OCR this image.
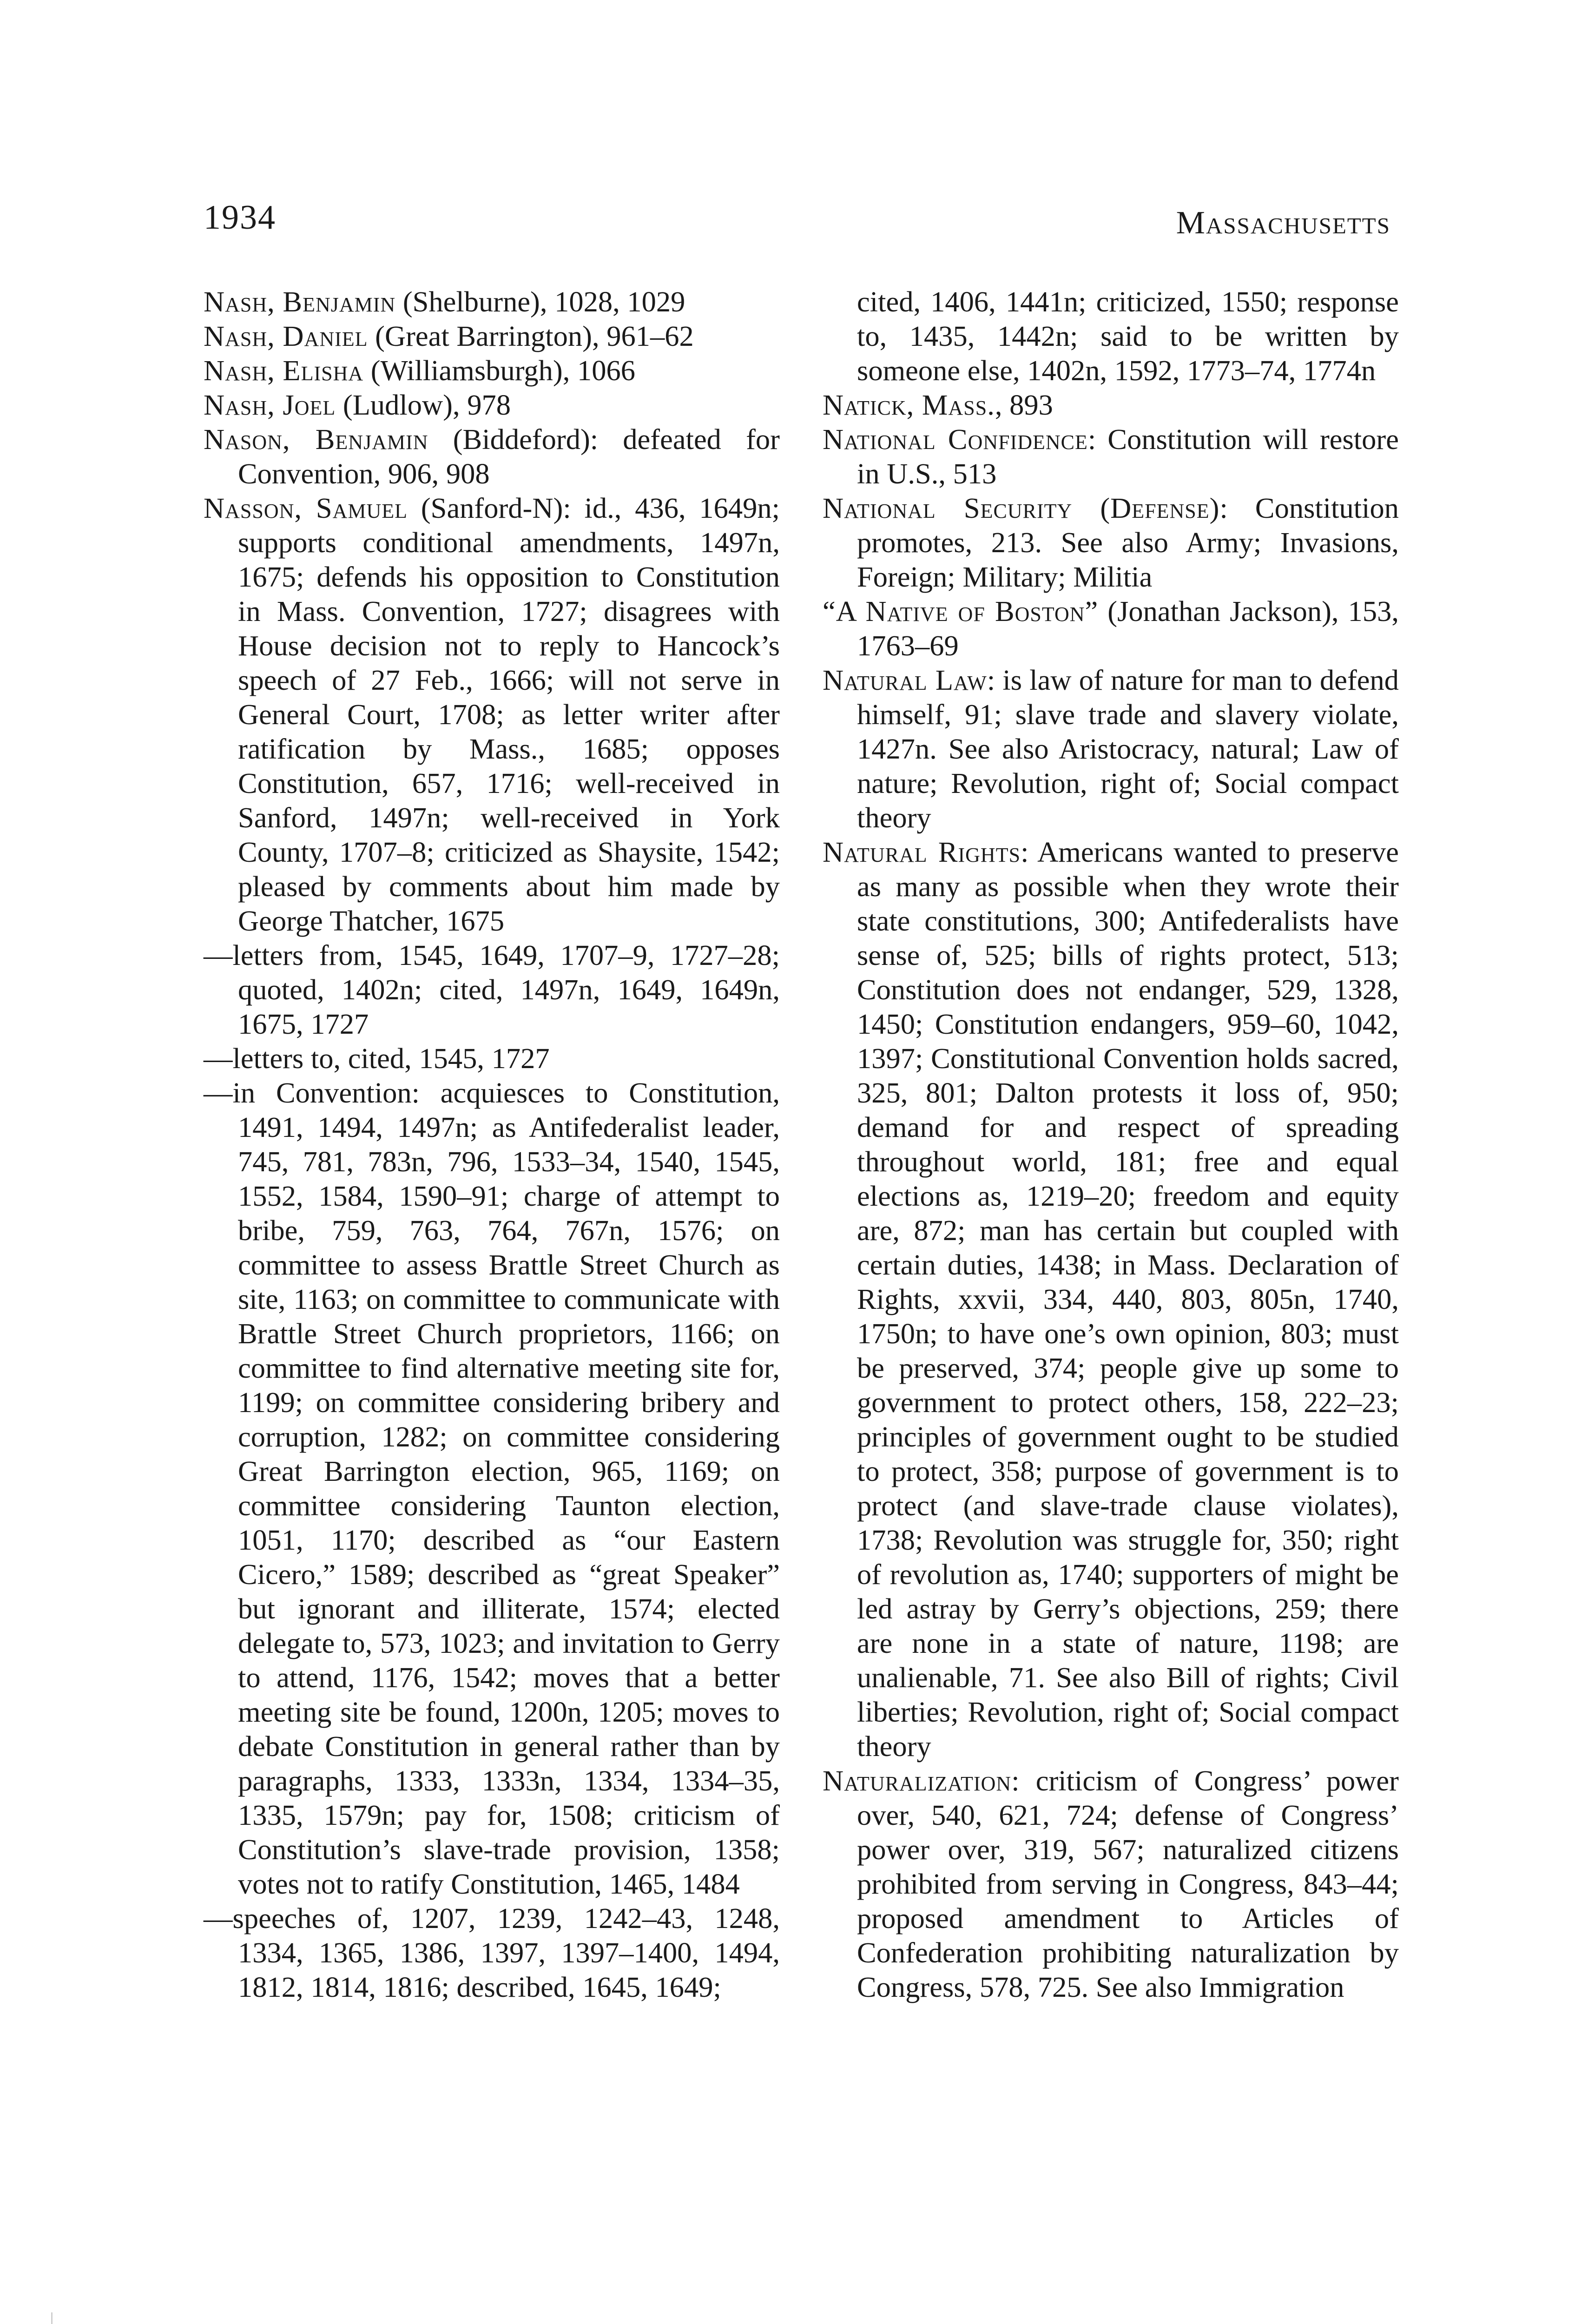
1934	Massachusetts

Nash, Benjamin (Shelburne), 1028, 1029

Nash, Daniel (Great Barrington), 961–62

Nash, Elisha (Williamsburgh), 1066

Nash, Joel (Ludlow), 978

Nason, Benjamin (Biddeford): defeated for Convention, 906, 908

Nasson, Samuel (Sanford-N): id., 436, 1649n; supports conditional amendments, 1497n, 1675; defends his opposition to Constitution in Mass. Convention, 1727; disagrees with House decision not to reply to Hancock’s speech of 27 Feb., 1666; will not serve in General Court, 1708; as letter writer after ratification by Mass., 1685; opposes Constitution, 657, 1716; well-received in Sanford, 1497n; well-received in York County, 1707–8; criticized as Shaysite, 1542; pleased by comments about him made by George Thatcher, 1675

—letters from, 1545, 1649, 1707–9, 1727–28; quoted, 1402n; cited, 1497n, 1649, 1649n, 1675, 1727

—letters to, cited, 1545, 1727

—in Convention: acquiesces to Constitution, 1491, 1494, 1497n; as Antifederalist leader, 745, 781, 783n, 796, 1533–34, 1540, 1545, 1552, 1584, 1590–91; charge of attempt to bribe, 759, 763, 764, 767n, 1576; on committee to assess Brattle Street Church as site, 1163; on committee to communicate with Brattle Street Church proprietors, 1166; on committee to find alternative meeting site for, 1199; on committee considering bribery and corruption, 1282; on committee considering Great Barrington election, 965, 1169; on committee considering Taunton election, 1051, 1170; described as “our Eastern Cicero,” 1589; described as “great Speaker” but ignorant and illiterate, 1574; elected delegate to, 573, 1023; and invitation to Gerry to attend, 1176, 1542; moves that a better meeting site be found, 1200n, 1205; moves to debate Constitution in general rather than by paragraphs, 1333, 1333n, 1334, 1334–35, 1335, 1579n; pay for, 1508; criticism of Constitution’s slave-trade provision, 1358; votes not to ratify Constitution, 1465, 1484

—speeches of, 1207, 1239, 1242–43, 1248, 1334, 1365, 1386, 1397, 1397–1400, 1494, 1812, 1814, 1816; described, 1645, 1649;

cited, 1406, 1441n; criticized, 1550; response to, 1435, 1442n; said to be written by someone else, 1402n, 1592, 1773–74, 1774n

Natick, Mass., 893

National Confidence: Constitution will restore in U.S., 513

National Security (Defense): Constitution promotes, 213. See also Army; Invasions, Foreign; Military; Militia

“A Native of Boston” (Jonathan Jackson), 153, 1763–69

Natural Law: is law of nature for man to defend himself, 91; slave trade and slavery violate, 1427n. See also Aristocracy, natural; Law of nature; Revolution, right of; Social compact theory

Natural Rights: Americans wanted to preserve as many as possible when they wrote their state constitutions, 300; Antifederalists have sense of, 525; bills of rights protect, 513; Constitution does not endanger, 529, 1328, 1450; Constitution endangers, 959–60, 1042, 1397; Constitutional Convention holds sacred, 325, 801; Dalton protests it loss of, 950; demand for and respect of spreading throughout world, 181; free and equal elections as, 1219–20; freedom and equity are, 872; man has certain but coupled with certain duties, 1438; in Mass. Declaration of Rights, xxvii, 334, 440, 803, 805n, 1740, 1750n; to have one’s own opinion, 803; must be preserved, 374; people give up some to government to protect others, 158, 222–23; principles of government ought to be studied to protect, 358; purpose of government is to protect (and slave-trade clause violates), 1738; Revolution was struggle for, 350; right of revolution as, 1740; supporters of might be led astray by Gerry’s objections, 259; there are none in a state of nature, 1198; are unalienable, 71. See also Bill of rights; Civil liberties; Revolution, right of; Social compact theory

Naturalization: criticism of Congress’ power over, 540, 621, 724; defense of Congress’ power over, 319, 567; naturalized citizens prohibited from serving in Congress, 843–44; proposed amendment to Articles of Confederation prohibiting naturalization by Congress, 578, 725. See also Immigration
